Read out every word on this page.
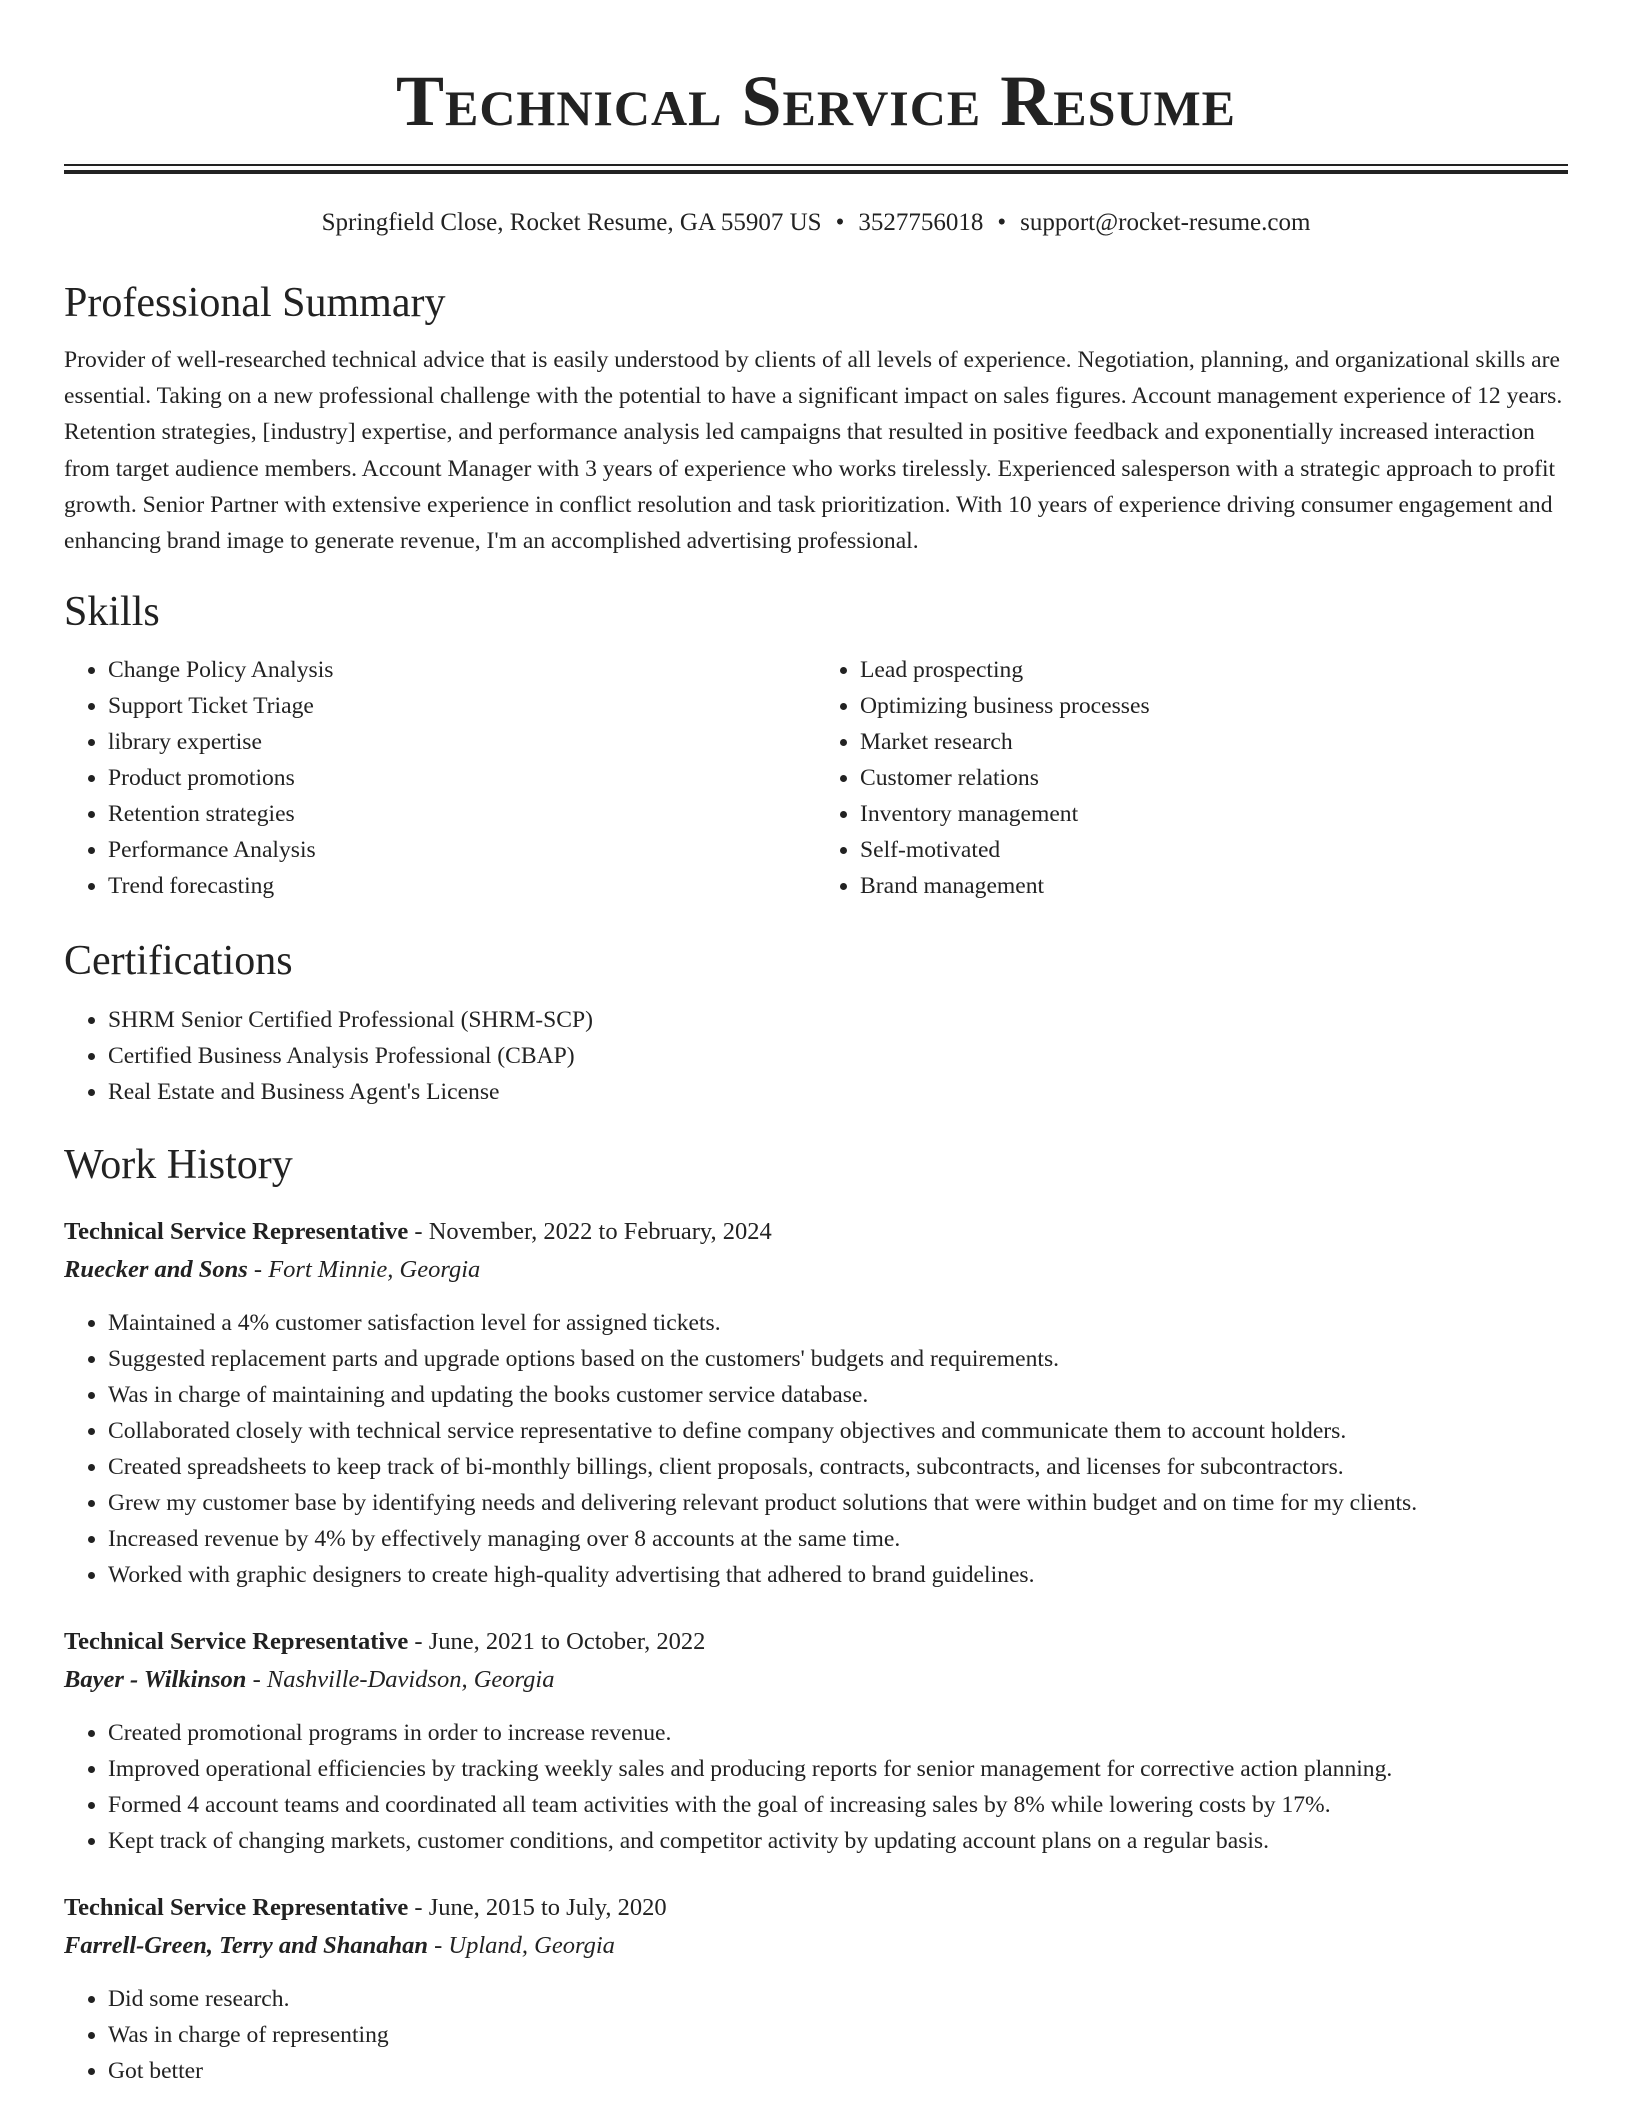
Technical Service Resume
Springfield Close, Rocket Resume, GA 55907 US • 3527756018 • support@rocket-resume.com
Professional Summary
Provider of well-researched technical advice that is easily understood by clients of all levels of experience. Negotiation, planning, and organizational skills are essential. Taking on a new professional challenge with the potential to have a significant impact on sales figures. Account management experience of 12 years. Retention strategies, [industry] expertise, and performance analysis led campaigns that resulted in positive feedback and exponentially increased interaction from target audience members. Account Manager with 3 years of experience who works tirelessly. Experienced salesperson with a strategic approach to profit growth. Senior Partner with extensive experience in conflict resolution and task prioritization. With 10 years of experience driving consumer engagement and enhancing brand image to generate revenue, I'm an accomplished advertising professional.
Skills
• Change Policy Analysis
• Support Ticket Triage
• library expertise
• Product promotions
• Retention strategies
• Performance Analysis
• Trend forecasting
• Lead prospecting
• Optimizing business processes
• Market research
• Customer relations
• Inventory management
• Self-motivated
• Brand management
Certifications
• SHRM Senior Certified Professional (SHRM-SCP)
• Certified Business Analysis Professional (CBAP)
• Real Estate and Business Agent's License
Work History
Technical Service Representative - November, 2022 to February, 2024
Ruecker and Sons - Fort Minnie, Georgia
• Maintained a 4% customer satisfaction level for assigned tickets.
• Suggested replacement parts and upgrade options based on the customers' budgets and requirements.
• Was in charge of maintaining and updating the books customer service database.
• Collaborated closely with technical service representative to define company objectives and communicate them to account holders.
• Created spreadsheets to keep track of bi-monthly billings, client proposals, contracts, subcontracts, and licenses for subcontractors.
• Grew my customer base by identifying needs and delivering relevant product solutions that were within budget and on time for my clients.
• Increased revenue by 4% by effectively managing over 8 accounts at the same time.
• Worked with graphic designers to create high-quality advertising that adhered to brand guidelines.
Technical Service Representative - June, 2021 to October, 2022
Bayer - Wilkinson - Nashville-Davidson, Georgia
• Created promotional programs in order to increase revenue.
• Improved operational efficiencies by tracking weekly sales and producing reports for senior management for corrective action planning.
• Formed 4 account teams and coordinated all team activities with the goal of increasing sales by 8% while lowering costs by 17%.
• Kept track of changing markets, customer conditions, and competitor activity by updating account plans on a regular basis.
Technical Service Representative - June, 2015 to July, 2020
Farrell-Green, Terry and Shanahan - Upland, Georgia
• Did some research.
• Was in charge of representing
• Got better
